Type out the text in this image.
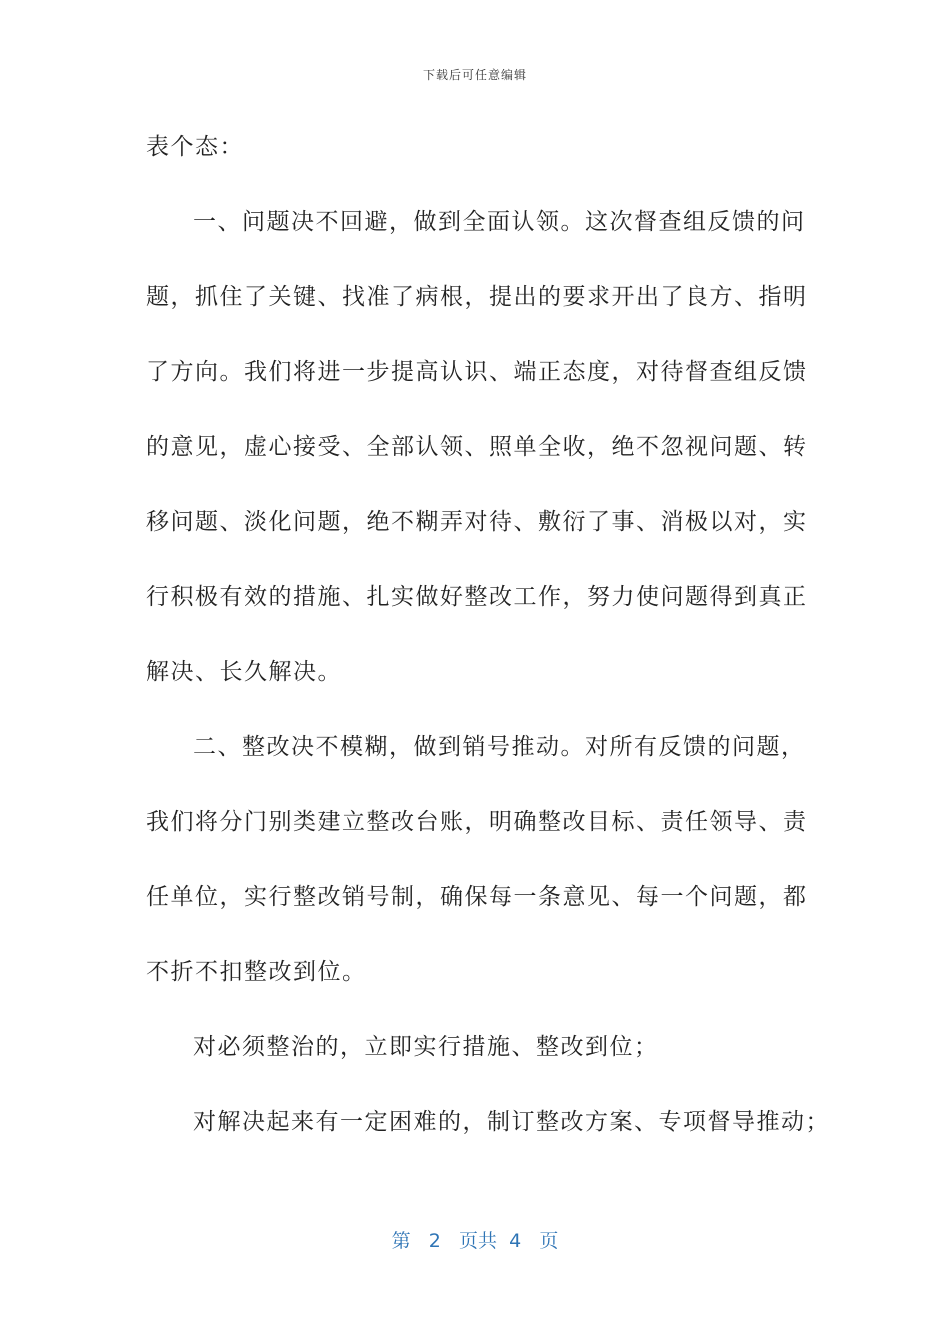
下载后可任意编辑
表个态：
一、问题决不回避，做到全面认领。这次督查组反馈的问
题，抓住了关键、找准了病根，提出的要求开出了良方、指明
了方向。我们将进一步提高认识、端正态度，对待督查组反馈
的意见，虚心接受、全部认领、照单全收，绝不忽视问题、转
移问题、淡化问题，绝不糊弄对待、敷衍了事、消极以对，实
行积极有效的措施、扎实做好整改工作，努力使问题得到真正
解决、长久解决。
二、整改决不模糊，做到销号推动。对所有反馈的问题，
我们将分门别类建立整改台账，明确整改目标、责任领导、责
任单位，实行整改销号制，确保每一条意见、每一个问题，都
不折不扣整改到位。
对必须整治的，立即实行措施、整改到位；
对解决起来有一定困难的，制订整改方案、专项督导推动；
第 2 页共 4 页
